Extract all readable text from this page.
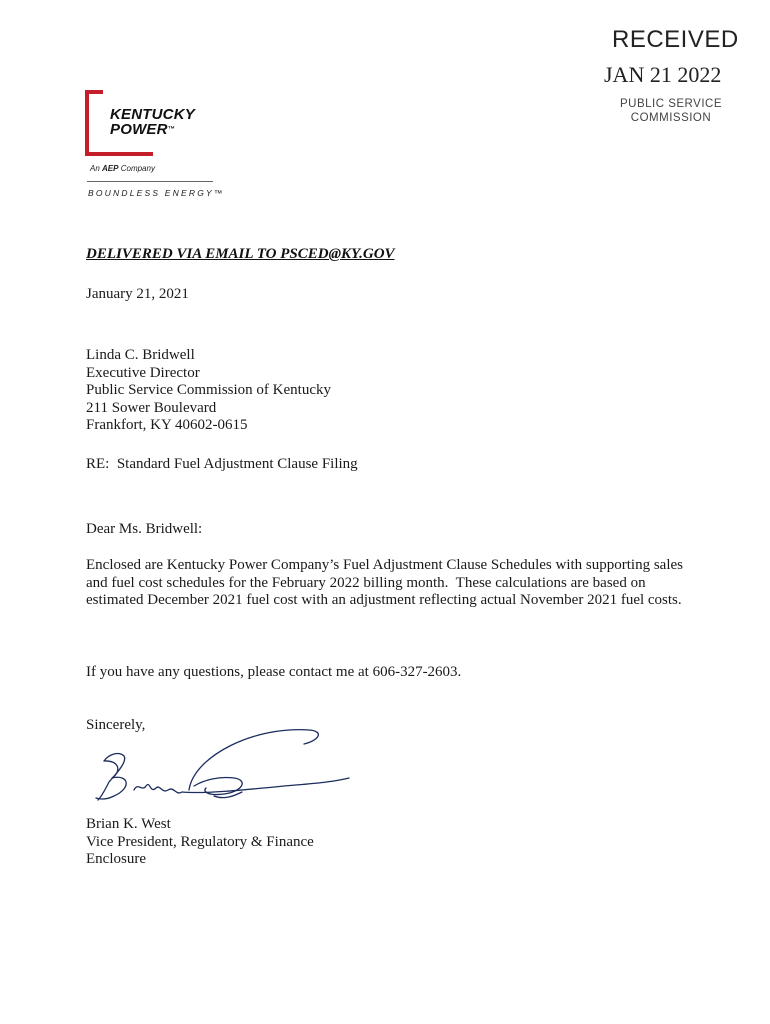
RECEIVED
JAN 21 2022
PUBLIC SERVICE
COMMISSION
KENTUCKY
POWER™
An AEP Company
BOUNDLESS ENERGY™
DELIVERED VIA EMAIL TO PSCED@KY.GOV
January 21, 2021
Linda C. Bridwell
Executive Director
Public Service Commission of Kentucky
211 Sower Boulevard
Frankfort, KY 40602-0615
RE:  Standard Fuel Adjustment Clause Filing
Dear Ms. Bridwell:
Enclosed are Kentucky Power Company’s Fuel Adjustment Clause Schedules with supporting sales and fuel cost schedules for the February 2022 billing month.  These calculations are based on estimated December 2021 fuel cost with an adjustment reflecting actual November 2021 fuel costs.
If you have any questions, please contact me at 606-327-2603.
Sincerely,
Brian K. West
Vice President, Regulatory & Finance
Enclosure
